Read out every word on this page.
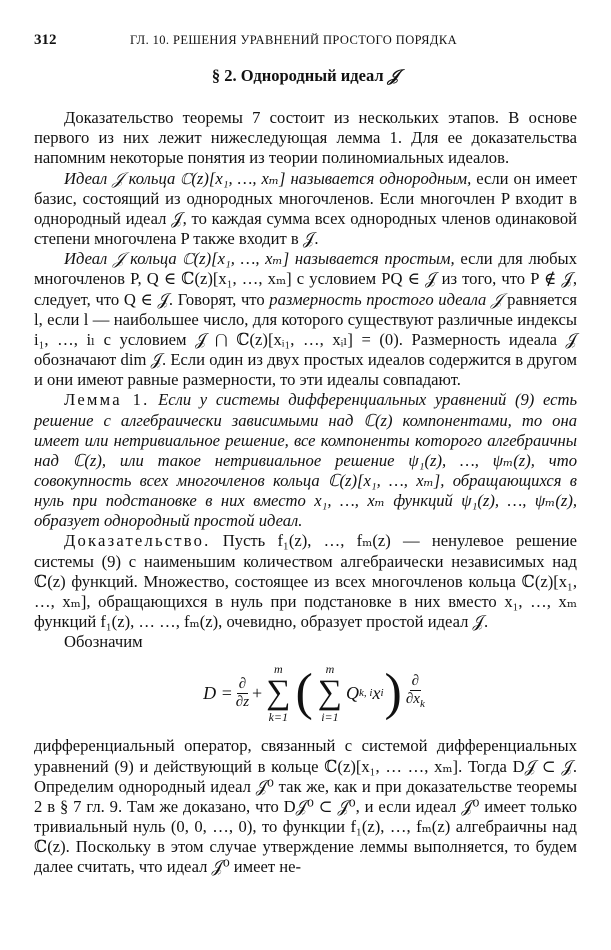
312	ГЛ. 10. РЕШЕНИЯ УРАВНЕНИЙ ПРОСТОГО ПОРЯДКА
§ 2. Однородный идеал 𝒥

Доказательство теоремы 7 состоит из нескольких этапов. В основе первого из них лежит нижеследующая лемма 1. Для ее доказательства напомним некоторые понятия из теории полиномиальных идеалов.

Идеал 𝒥 кольца ℂ(z)[x₁, …, xₘ] называется однородным, если он имеет базис, состоящий из однородных многочленов. Если многочлен P входит в однородный идеал 𝒥, то каждая сумма всех однородных членов одинаковой степени многочлена P также входит в 𝒥.

Идеал 𝒥 кольца ℂ(z)[x₁, …, xₘ] называется простым, если для любых многочленов P, Q ∈ ℂ(z)[x₁, …, xₘ] с условием PQ ∈ 𝒥 из того, что P ∉ 𝒥, следует, что Q ∈ 𝒥. Говорят, что размерность простого идеала 𝒥 равняется l, если l — наибольшее число, для которого существуют различные индексы i₁, …, iₗ с условием 𝒥 ⋂ ℂ(z)[xᵢ₁, …, xᵢₗ] = (0). Размерность идеала 𝒥 обозначают dim 𝒥. Если один из двух простых идеалов содержится в другом и они имеют равные размерности, то эти идеалы совпадают.

Лемма 1. Если у системы дифференциальных уравнений (9) есть решение с алгебраически зависимыми над ℂ(z) компонентами, то она имеет или нетривиальное решение, все компоненты которого алгебраичны над ℂ(z), или такое нетривиальное решение ψ₁(z), …, ψₘ(z), что совокупность всех многочленов кольца ℂ(z)[x₁, …, xₘ], обращающихся в нуль при подстановке в них вместо x₁, …, xₘ функций ψ₁(z), …, ψₘ(z), образует однородный простой идеал.

Доказательство. Пусть f₁(z), …, fₘ(z) — ненулевое решение системы (9) с наименьшим количеством алгебраически независимых над ℂ(z) функций. Множество, состоящее из всех многочленов кольца ℂ(z)[x₁, …, xₘ], обращающихся в нуль при подстановке в них вместо x₁, …, xₘ функций f₁(z), … …, fₘ(z), очевидно, образует простой идеал 𝒥.

Обозначим

$D = \frac{\partial}{\partial z}$ +
m
∑
k=1 ( m
∑
i=1
Q k, i x i ) $\frac{\partial}{\partial x_k}$

дифференциальный оператор, связанный с системой дифференциальных уравнений (9) и действующий в кольце ℂ(z)[x₁, … …, xₘ]. Тогда D𝒥 ⊂ 𝒥. Определим однородный идеал 𝒥⁰ так же, как и при доказательстве теоремы 2 в § 7 гл. 9. Там же доказано, что D𝒥⁰ ⊂ 𝒥⁰, и если идеал 𝒥⁰ имеет только тривиальный нуль (0, 0, …, 0), то функции f₁(z), …, fₘ(z) алгебраичны над ℂ(z). Поскольку в этом случае утверждение леммы выполняется, то будем далее считать, что идеал 𝒥⁰ имеет не-
